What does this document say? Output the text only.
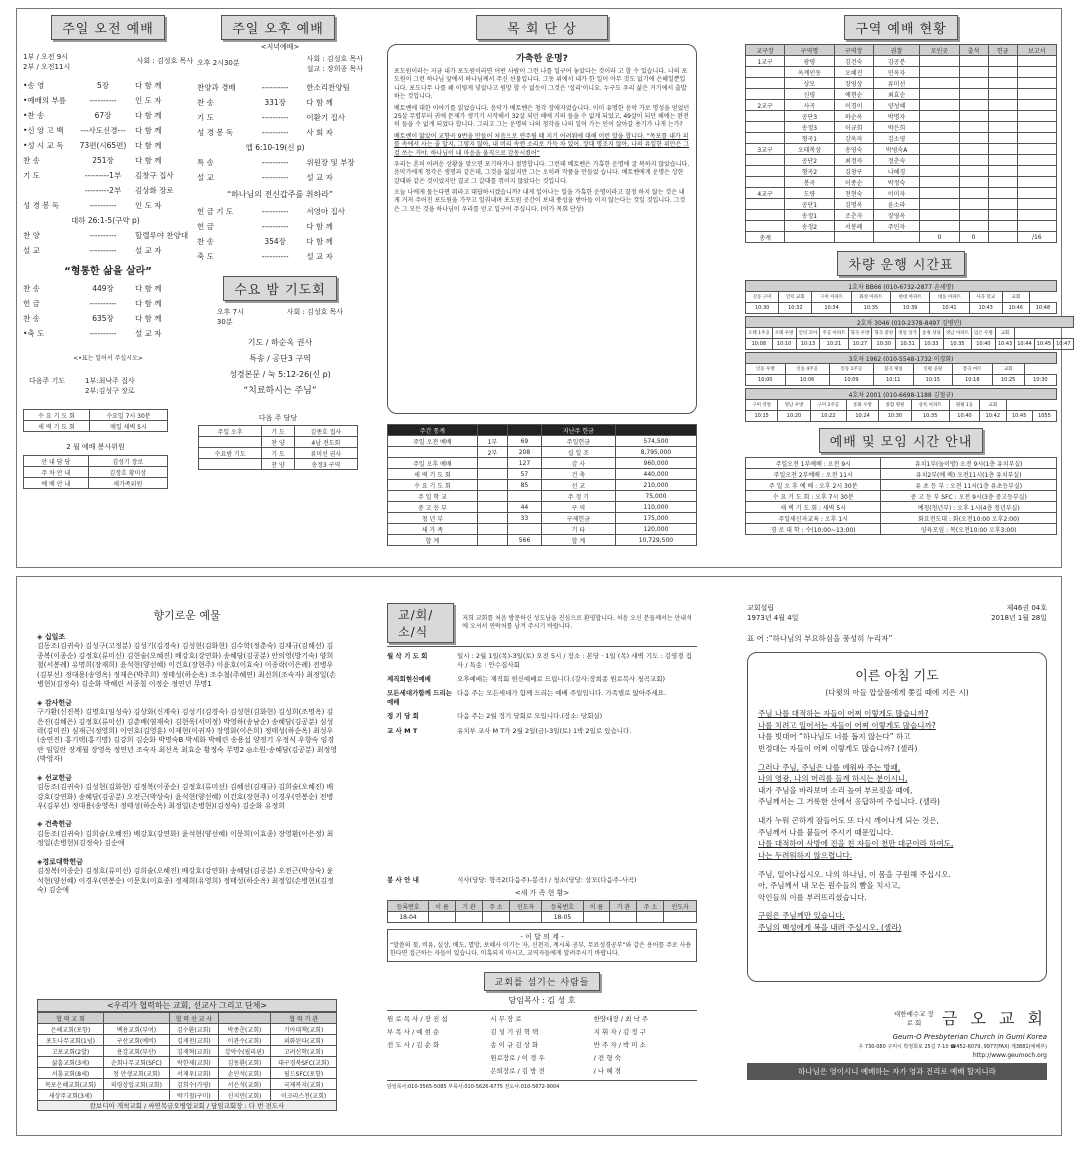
주일 오전 예배	주일 오후 예배
1부 / 오전 9시
2부 / 오전11시
사회 : 김성호 목사
•송 영	5장	다 함 께
•예배의 부름	----------	인 도 자
•찬 송	67장	다 함 께
•신 앙 고 백	---사도신경---	다 함 께
•성 시 교 독	73편(시65편)	다 함 께
찬 송	251장	다 함 께
기 도	---------1부	김창구 집사
---------2부	김상화 장로
성 경 봉 독	----------	인 도 자
대하 26:1-5(구약 p)
찬 양	----------	할렐루야 찬양대
설 교	----------	설 교 자
“형통한 삶을 살라”
찬 송	449장	다 함 께
헌 금	----------	다 함 께
찬 송	635장	다 함 께
•축 도	----------	설 교 자
<•표는 일어서 주십시오>
다음주 기도	1부:최낙주 집사
2부:김성구 장로
<저녁예배>
오후 2시30분	사회 : 김성호 목사
설교 : 장희종 목사
찬양과 경배	----------	한소리찬양팀
찬 송	331장	다 함 께
기 도	----------	이환기 집사
성 경 봉 독	----------	사 회 자
엡 6:10-19(신 p)
특 송	----------	위원장 및 부장
설 교	----------	설 교 자
“하나님의 전신갑주를 취하라”
헌 금 기 도	----------	서영아 집사
헌 금	----------	다 함 께
찬 송	354장	다 함 께
축 도	----------	설 교 자
수요 밤 기도회
오후 7시 30분
사회 : 김성호 목사
기도 / 하순옥 권사
특송 / 공단3 구역
성경본문 / 눅 5:12-26(신 p)
“치료하시는 주님”
수 요 기 도 회	수요일 7시 30분
새 벽 기 도 회	매일 새벽 5시
2 월 예배 봉사위원
안 내 담 당	김성기 장로
주 차 안 내	김정호 황미상
예 배 안 내	새가족위원
다음 주 담당
주일 오후	기 도	김종호 집사
	찬 양	4남 전도회
수요밤 기도	기 도	류미선 권사
	찬 양	송정3 구역
목 회 단 상
가축한 운명?

포도원이라는 지금 내가 포도원이라면 어떤 사람이 그런 나를 일구어 놓았다는 것이라 고 할 수 있습니다. 나의 포도원이 그런 하나님 앞에서 하나님께서 주신 선물입니다. 그동 위에서 내가 한 일이 아무 것도 없기에 은혜일뿐입니다. 포도나무 나를 왜 이렇게 넣었나고 원망 할 수 없듯이 그것은 '섭리'이니요. 누구도 우리 삶은 거기에서 출발하는 것입니다.

베토벤에 대한 이야기를 읽었습니다. 음악가 베토벤은 청각 장애자였습니다. 이미 유명한 음악 가로 명성을 얻었던 25살 무렵부터 귀에 문제가 생기기 시작해서 32살 되던 해에 거의 들을 수 없게 되었고, 49살이 되던 해에는 완전히 들을 수 없게 되었다 합니다. 그리고 그는 운명의 나의 청각을 나의 일어 가는 인이 살아갈 용기가 나게 는가?

베토벤이 앓았어 교향곡 9번을 만들어 처음으로 연주될 때 지기 어려워에 대해 이런 말을 합니다. “목포를 내가 피를 속에서 사는 줄 알지, 그렇지 않아, 내 머리 속엔 소리로 가득 차 있어. 장대 명조지 않아, 나의 유일한 위안은 그걸 쓰는 거야. 하나님이 내 마음을 움직으로 감동시켰어”

우리는 흔히 어려운 상황을 맞으면 포기하거나 절망합니다. 그런데 베토벤은 가혹한 운명에 굴 복하지 않았습니다. 음악가에게 청각은 생명과 같은데, 그것을 잃었지만 그는 오히려 작품을 만들었 습니다. 베토벤에게 운명은 상한 갈대와 같은 것이었지만 결코 그 갈대를 꺾이지 않았다는 것입니다.

오늘 나에게 물는다면 뭐라고 대답하시겠습니까? 내게 일어나는 일을 가혹한 운명이라고 결정 하지 않는 것은 내게 거저 주어진 포도원을 가꾸고 일궈내며 포도원 곳간이 보내 풍성을 받아들 이지 않는다는 것일 것입니다. 그것은 그 모든 것을 하나님이 우리를 얻고 일구어 주십니다. (이가 목회 단상)

주간 통계			지난주 헌금	
주일 오전 예배	1부	69	주일헌금	574,500
	2부	208	십 일 조	8,795,000
주일 오후 예배		127	감 사	960,000
새 벽 기 도 회		57	건 축	440,000
수 요 기 도 회		85	선 교	210,000
주 일 학 교			주 정 기	75,000
중 고 등 부		44	구 역	110,000
청 년 부		33	구제헌금	175,000
새 가 족			기 타	120,000
합 계		566	합 계	10,729,500
구역 예배 현황
교구장	구역명	구역장	권찰	모인곳	출석	헌금	보고서
1교구	광평	김건숙	김공분				
	옥계인동	오혜진	민옥자				
	상모	장영상	류미선				
	신평	예현순	최효순				
2교구	사곡	이경이	양성혜				
	공단3	하순옥	박명자				
	송정3	이규희	박은희				
	형곡1	강옥자	김소영				
3교구	오태복삼	송영숙	박영숙A				
	공단2	최정자	정춘숙				
	형곡2	김창구	나혜경				
	봉곡	이종순	박정숙				
4교구	도량	천현숙	이미자				
	공단1	김명옥	윤소라				
	송정1	조춘자	장영옥				
	송정2	서봉례	주민자				
총계				0	0		/16
차량 운행 시간표
1호차 BB66 (010-6732-2877 손세명)								
산동 구미	인덕 교회	구미 아파트	화성 아파트	현대 아파트	대동 아파트	사곡 학교	교회	
10:30	10:32	10:34	10:35	10:39	10:41	10:43	10:46	10:48
2호차 3046 (010-2378-8497 김병민)													
오태 1주공	오태 우방	인덕 코아	주공 아파트	형곡 우방	형곡 중앙	경일 상가	송정 성당	경남 아파트	임은 우방	교회			
10:08	10:10	10:13	10:21	10:27	10:30	10:31	10:33	10:35	10:40	10:43	10:44	10:45	10:47
3호차 1962 (010-5548-1732 이경화)							
인동 우방	인동 4주공	인동 1주공	칠곡 제일	신평 공원	봉곡 마트	교회	
10:00	10:06	10:09	10:11	10:15	10:18	10:25	10:30
4호차 2001 (010-6698-1188 김철규)									
구미 역앞	영남 우방	구미 2주공	흥화 우방	종합 병원	상록 아파트	원평 1동	교회		
10:15	10:20	10:22	10:24	10:30	10:35	10:40	10:42	10:45	1055
예배 및 모임 시간 안내
주일오전 1부예배 : 오전 9시	유치1부(놀이방) 오전 9시(1층 유치부실)
주일오전 2부예배 : 오전 11시	유치2부(예 배) 오전11시(1층 유치부실)
주 일 오 후 예 배 : 오후 2시 30분	유 초 등 부 : 오전 11시(1층 유초등부실)
수 요 기 도 회 : 오후 7시 30분	중 고 등 부 SFC : 오전 9시(3층 중고등부실)
새 벽 기 도 회 : 새벽 5시	예청(청년부) : 오후 1시(4층 청년부실)
주일새신자교육 : 오후 1시	화요전도대 : 화(오전10:00 오후2:00)
경 로 대 학 : 수(10:00~13:00)	양육모임 : 목(오전10:00 오후3:00)
향기로운 예물
◈ 십일조
김동조(김귀숙) 김성구(고정분) 김성기(김경숙) 김성현(김화현) 김수학(정춘숙) 김재규(김해선) 김종복(이종순) 김정호(류미선) 김현술(오혜진) 배강호(강연화) 송혜담(김공분) 안의영(방기숙) 양희철(서봉례) 유명희(장재희) 윤석현(양선혜) 이건호(장현주) 이윤호(이효숙) 이종락(이은례) 전병우(김부선) 정대용(송영옥) 정재은(박주희) 정태성(하순옥) 조수철(주혜연) 최선희(조숙자) 최정일(손병현)(김정숙) 김순화 박혜린 서종철 이정순 정연년 무명1
◈ 감사헌금
구기환(신진복) 김명호(임성숙) 김상화(신계숙) 김성기(김경숙) 김성현(김화현) 김성희(조명옥) 김은진(김혜은) 김정호(류미선) 김춘배(염재숙) 김현욱(서미정) 박영하(송남순) 송혜담(김공분) 심성락(김미진) 심재근(정영희) 이연호(김영훈) 이재현(이귀자) 장영화(이은희) 정태성(하순옥) 최성우(송연진) 홍기택(홍기명) 김강희 김순화 박명숙B 박세화 박혜린 송용섭 양정기 우정식 우향숙 임경란 임일란 장계월 장영옥 정연년 조숙자 최선옥 최효순 황정숙 무명2 ◎소원-송혜담(김공분) 최정영(박영자)
◈ 선교헌금
김동조(김귀숙) 김성현(김화현) 김정복(이종순) 김정호(류미선) 김혜선(김재규) 김희술(오혜진) 배강호(강연화) 송혜담(김공분) 오전근(박상숙) 윤석현(양선혜) 이건호(장현주) 이경우(연봉순) 전병우(김부선) 정대용(송영옥) 정태성(하순옥) 최정일(손병현)(김정숙) 김순화 유정희
◈ 건축헌금
김동조(김귀숙) 김희술(오혜진) 배강호(강연화) 윤석현(양선혜) 이문희(이효종) 장영환(이은정) 최정일(손병현)(김정숙) 김순애
◈경로대학헌금
김정복(이종순) 김정호(류미선) 김희술(오혜진) 배강호(강연화) 송혜담(김공분) 오전근(박상숙) 윤석현(양선혜) 이경우(연봉순) 이문호(이효종) 정재희(유영희) 정태성(하순옥) 최정일(손병현)(김정숙) 김순애
<우리가 협력하는 교회, 선교사 그리고 단체>
협 력 교 회		협 력 선 교 사		협 력 기 관
은혜교회(포항)	백용교회(부여)	김수환(교회)	박종춘(교회)	기아대책(교회)
포도나무교회(1넘)	구산교회(예비)	김재천(교회)	이관수(교회)	외화된다(교회)
고포교회(2발)	용강교회(부산)	김재혁(교회)	강악수(필리핀)	고려신학(교회)
삶홈교회(3세)	순회나무교회(SFC)	박한제(교회)	김동환(교회)	대구경북SFC(교회)
서흥교회(8세)	청 안생교회(교회)	서재우(교회)	손인석(교회)	필드SFC(포항)
목포은혜교회(교회)	의령상일교회(교회)	김희수(가평)	서은석(교회)	국제복지(교회)
새상주교회(3세)		박기철(구미)	신지민(교회)	이크리스천(교회)
캄보디아 개척교회 / 싸연복금오병업교회 / 담임교회장 : 다 번 전도사
교/회/소/식
저희 교회를 처음 방문하신 성도님을 진심으로 환영합니다. 처음 오신 분들께서는 안내석에 오셔서 연락처를 남겨 주시기 바랍니다.
월 삭 기 도 회	일시 : 2월 1일(목)-3일(토) 오전 5시 / 장소 : 본당 · 1일 (목) 새벽 기도 : 김영경 집사 / 특송 : 안수집사회
제직회현신예배	오후예배는 제직회 헌신예배로 드립니다.(강사:장희종 원로목사 청곡교회)
모든세대가함께 드리는 예배
다음 주는 모든세대가 함께 드리는 예배 주일입니다. 가족별로 앉아주세요.
정 기 당 회	다음 주는 2월 정기 당회로 모입니다.(장소: 당회실)
교 사 M T	유치부 교사 M T가 2월 2일(금)-3일(토) 1박 2일로 있습니다.
봉 사 안 내	식사(당당: 형곡2(다음주)-봉곡) / 청소(당당: 상모(다음주-사곡)
<새 가 족 현 황>
등록번호	이 름	기 관	주 소	인도자	등록번호	이 름	기 관	주 소	인도자
18-04					18-05				
- 이 달 의 계 -
“말씀의 젖, 비유, 실상, 배도, 멸망, 보혜사 이기는 자, 신천지, 계시록 공부, 무료성경공부”와 같은 용어를 주로 사용한다면 접근하는 자들이 있습니다. 미혹되지 마시고, 교역자들에게 알려주시기 바랍니다.
교회를 섬기는 사람들
담임목사 : 김 성 호
원 로 목 사 / 장 진 섭	시 무 장 로	한양대장 / 최 낙 주
부 목 사 / 예 현 순	김 성 기 권 혁 택	지 휘 자 / 김 정 구
전 도 사 / 김 순 화	송 이 규 김 상 화	반 주 자 / 박 미 소
원로장로 / 이 경 우	/ 전 형 숙
은퇴장로 / 김 방 전	/ 나 혜 경
담임목사:010-3565-5085 부목사:010-5626-6775 전도사:010-5672-9004
교회설립
1973년 4월 4일
제46권 04호
2018년 1월 28일
표 어 :“하나님의 부요하심을 풍성히 누리자”
이른 아침 기도
(다윗의 아들 압살롬에게 쫓길 때에 지은 시)
주님 나를 대적하는 자들이 어찌 이렇게도 많습니까?
나를 치려고 일어서는 자들이 어찌 이렇게도 많습니까?
나를 빗대어 “하나님도 너를 돕지 않는다” 하고
빈정대는 자들이 어찌 이렇게도 많습니까? (셀라)

그러나 주님, 주님은 나를 에워싸 주는 방패,
나의 영광, 나의 머리를 들게 하시는 분이시니,
내가 주님을 바라보며 소리 높여 부르짖을 때에,
주님께서는 그 거룩한 산에서 응답하여 주십니다. (셀라)

내가 누워 곤하게 잠들어도 또 다시 깨어나게 되는 것은,
주님께서 나를 붙들어 주시기 때문입니다.
나를 대적하여 사방에 진을 친 자들이 천만 대군이라 하여도,
나는 두려워하지 않으렵니다.

주님, 일어나십시오. 나의 하나님, 이 몸을 구원해 주십시오.
아, 주님께서 내 모든 원수들의 뺨을 치시고,
악인들의 이를 부러뜨리셨습니다.

구원은 주님께만 있습니다.
주님의 백성에게 복을 내려 주십시오. (셀라)
대한예수교 장 로 회	금 오 교 회
Geum-O Presbyterian Church in Gumi Korea
우 730-080 구미시 박정희로 25길 7-10 ☎452-6079, 9977(FAX) 제3881(예배부)
http://www.geumoch.org
하나님은 영이시니 예배하는 자가 영과 진리로 예배 할지니라
